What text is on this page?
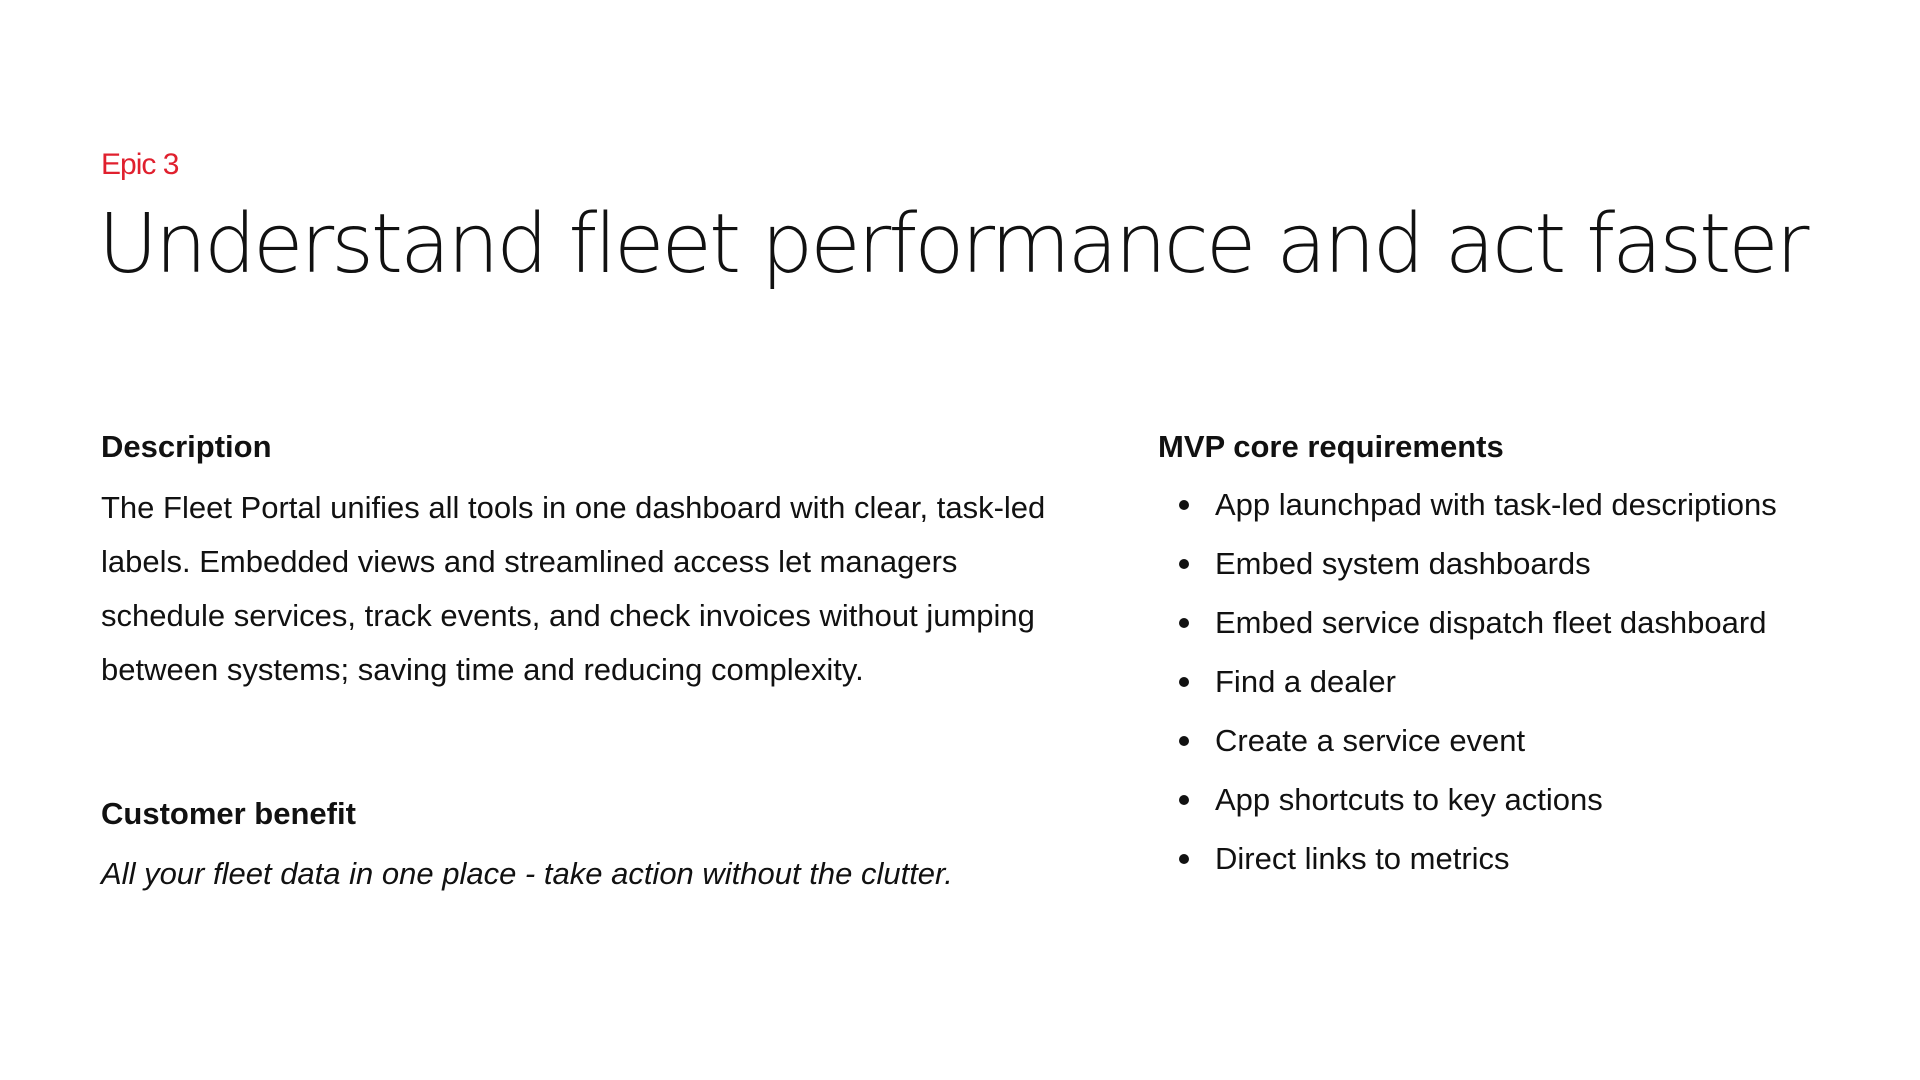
Epic 3
Understand fleet performance and act faster
Description

The Fleet Portal unifies all tools in one dashboard with clear, task-led labels. Embedded views and streamlined access let managers schedule services, track events, and check invoices without jumping between systems; saving time and reducing complexity.

Customer benefit

All your fleet data in one place - take action without the clutter.

MVP core requirements
App launchpad with task-led descriptions
Embed system dashboards
Embed service dispatch fleet dashboard
Find a dealer
Create a service event
App shortcuts to key actions
Direct links to metrics
